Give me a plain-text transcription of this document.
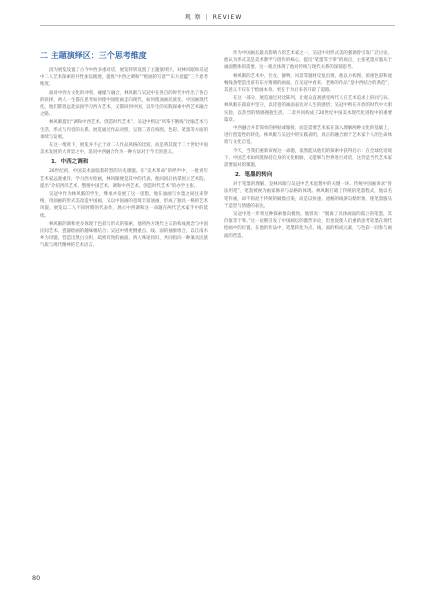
观 察 | REVIEW
二 主题演绎区：三个思考维度

因为展览设置了古今中西多重对话，展览特别设置了主题演绎区，对林风眠和吴冠中二人艺术探索的共性加以梳理，提炼“中西之调和”“绘画的写意”“东方意蕴”三个思考维度。

面对中西方文化的冲突、碰撞与融合，林风眠与吴冠中在各自的时代中作出了各自的抉择。两人一生都在思考如何使中国绘画走向现代，如何使油画民族化、中国画现代化。他们都曾远赴法国学习西方艺术，又都回到中国，以毕生的实践探索中西艺术融合之路。

林风眠提出“调和中西艺术，创造时代艺术”，吴冠中则以“风筝不断线”比喻艺术与生活、形式与内容的关系。展览通过作品对照，呈现二者在构图、色彩、笔墨等方面的承续与发展。

在这一维度下，展览并不止于对二人作品风格的比较，而是将其置于二十世纪中国美术发展的大背景之中，追问中西融合作为一种方法对于今天的意义。

1．中西之调和

20世纪初，中国美术面临着转型的历史课题。在“美术革命”的呼声中，一批青年艺术家远渡重洋，学习西方绘画，林风眠便是其中的代表。他回国后执掌国立艺术院，提出“介绍西洋艺术，整理中国艺术，调和中西艺术，创造时代艺术”的办学主张。

吴冠中作为林风眠的学生，继承并发展了这一思想。他在油画与水墨之间往来穿梭，用油画的形式美改造中国画，又以中国画的意境丰富油画，形成了独具一格的艺术风貌。展览以二人不同时期的代表作，展示中西调和这一命题在两代艺术家手中的延续。

林风眠的调和更多体现于色彩与形式的探索，他将西方现代主义的构成观念与中国民间艺术、瓷器绘画的趣味相结合；吴冠中则更侧重点、线、面的抽象组合，以江南水乡为母题，营造出黑白交织、疏密有致的画面。两人殊途同归，共同指向一种兼具民族气质与现代精神的艺术语言。

作为中国画坛最具影响力的艺术家之一，吴冠中对形式美的强调曾引发广泛讨论。他认为形式美是美术教学与创作的核心，提出“笔墨等于零”的观点，主张笔墨应服从于画面整体的需要。这一观点体现了他对传统与现代关系的深刻思考。

林风眠的艺术中，仕女、静物、风景等题材反复出现，他以方构图、浓重色彩和流畅线条塑造出富有东方情调的画面。在吴冠中看来，老师的作品“是中西结合的典范”，其意义不仅在于绘画本身，更在于为后来者开辟了道路。

在这一部分，展览通过对比陈列，让观众直观感受两代人在艺术追求上的同与异。林风眠在孤寂中坚守，以诗意的画面表达对人生的感悟；吴冠中则在开放的时代中大胆实验，以热烈的情感拥抱生活。二者共同构成了20世纪中国美术现代化进程中的重要篇章。

中西融合并非简单的拼贴或嫁接，而是需要艺术家在深入理解两种文化的基础上，进行创造性的转化。林风眠与吴冠中的实践表明，真正的融合源于艺术家个人的生命体验与文化自觉。

今天，当我们重新审视这一命题，依然能从他们的探索中获得启示：在全球化语境下，中国艺术如何既保持自身的文化根脉，又能够与世界进行对话，这仍是当代艺术家需要面对的课题。

2．笔墨的转向

对于笔墨的理解，是林风眠与吴冠中艺术思想中的关键一环。传统中国画讲求“骨法用笔”，笔墨被视为画家修养与品格的体现。林风眠打破了传统的笔墨程式，他以毛笔作画，却不拘泥于传统的皴擦点染，而是以快速、流畅的线条勾勒形象，使笔墨服从于造型与情感的表达。

吴冠中进一步将这种探索推向极致。他曾说：“脱离了具体画面的孤立的笔墨，其价值等于零。”这一论断引发了中国画坛的激烈争论，但也促使人们重新思考笔墨在现代绘画中的位置。在他的作品中，笔墨转化为点、线、面的构成元素，与色彩一同参与画面的营造。

80
